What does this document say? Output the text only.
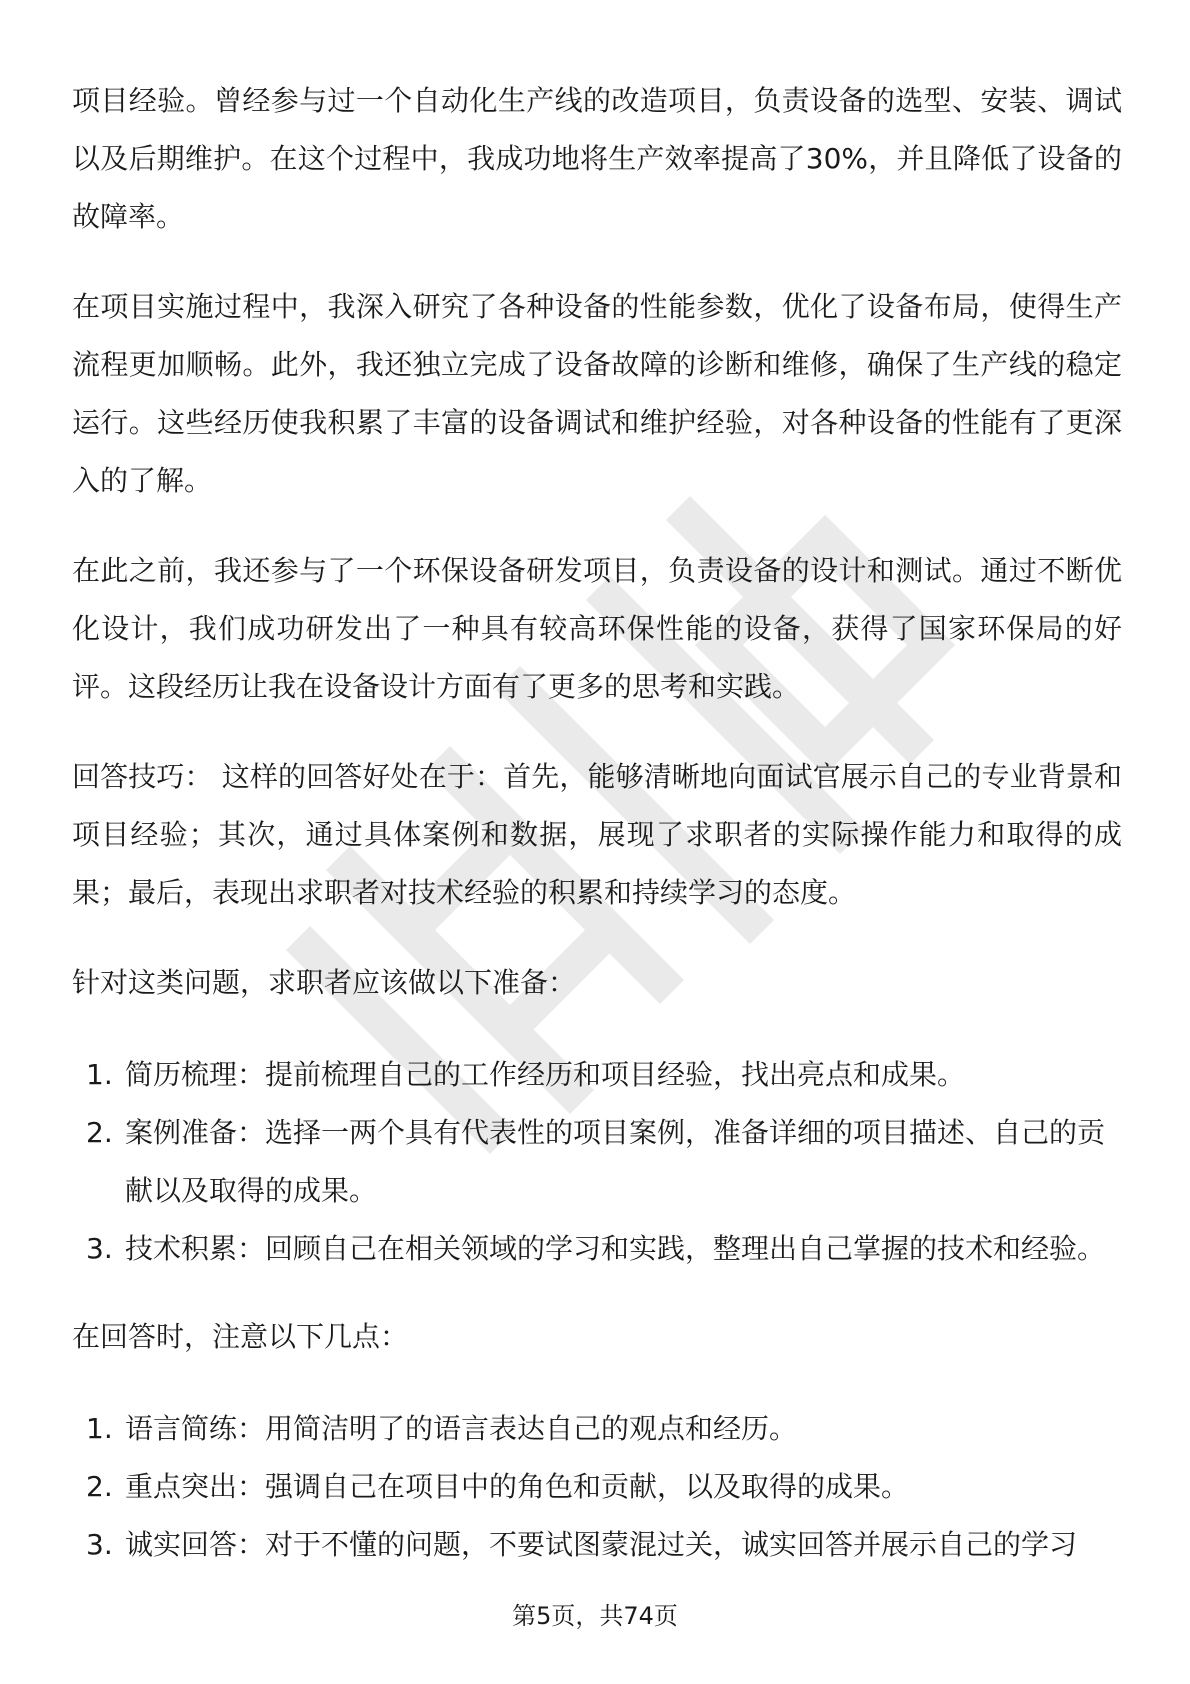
项目经验。曾经参与过一个自动化生产线的改造项目，负责设备的选型、安装、调试以及后期维护。在这个过程中，我成功地将生产效率提高了30%，并且降低了设备的故障率。

在项目实施过程中，我深入研究了各种设备的性能参数，优化了设备布局，使得生产流程更加顺畅。此外，我还独立完成了设备故障的诊断和维修，确保了生产线的稳定运行。这些经历使我积累了丰富的设备调试和维护经验，对各种设备的性能有了更深入的了解。

在此之前，我还参与了一个环保设备研发项目，负责设备的设计和测试。通过不断优化设计，我们成功研发出了一种具有较高环保性能的设备，获得了国家环保局的好评。这段经历让我在设备设计方面有了更多的思考和实践。

回答技巧： 这样的回答好处在于：首先，能够清晰地向面试官展示自己的专业背景和项目经验；其次，通过具体案例和数据，展现了求职者的实际操作能力和取得的成果；最后，表现出求职者对技术经验的积累和持续学习的态度。

针对这类问题，求职者应该做以下准备：

1. 简历梳理：提前梳理自己的工作经历和项目经验，找出亮点和成果。
2. 案例准备：选择一两个具有代表性的项目案例，准备详细的项目描述、自己的贡献以及取得的成果。
3. 技术积累：回顾自己在相关领域的学习和实践，整理出自己掌握的技术和经验。

在回答时，注意以下几点：

1. 语言简练：用简洁明了的语言表达自己的观点和经历。
2. 重点突出：强调自己在项目中的角色和贡献，以及取得的成果。
3. 诚实回答：对于不懂的问题，不要试图蒙混过关，诚实回答并展示自己的学习
第5页，共74页
